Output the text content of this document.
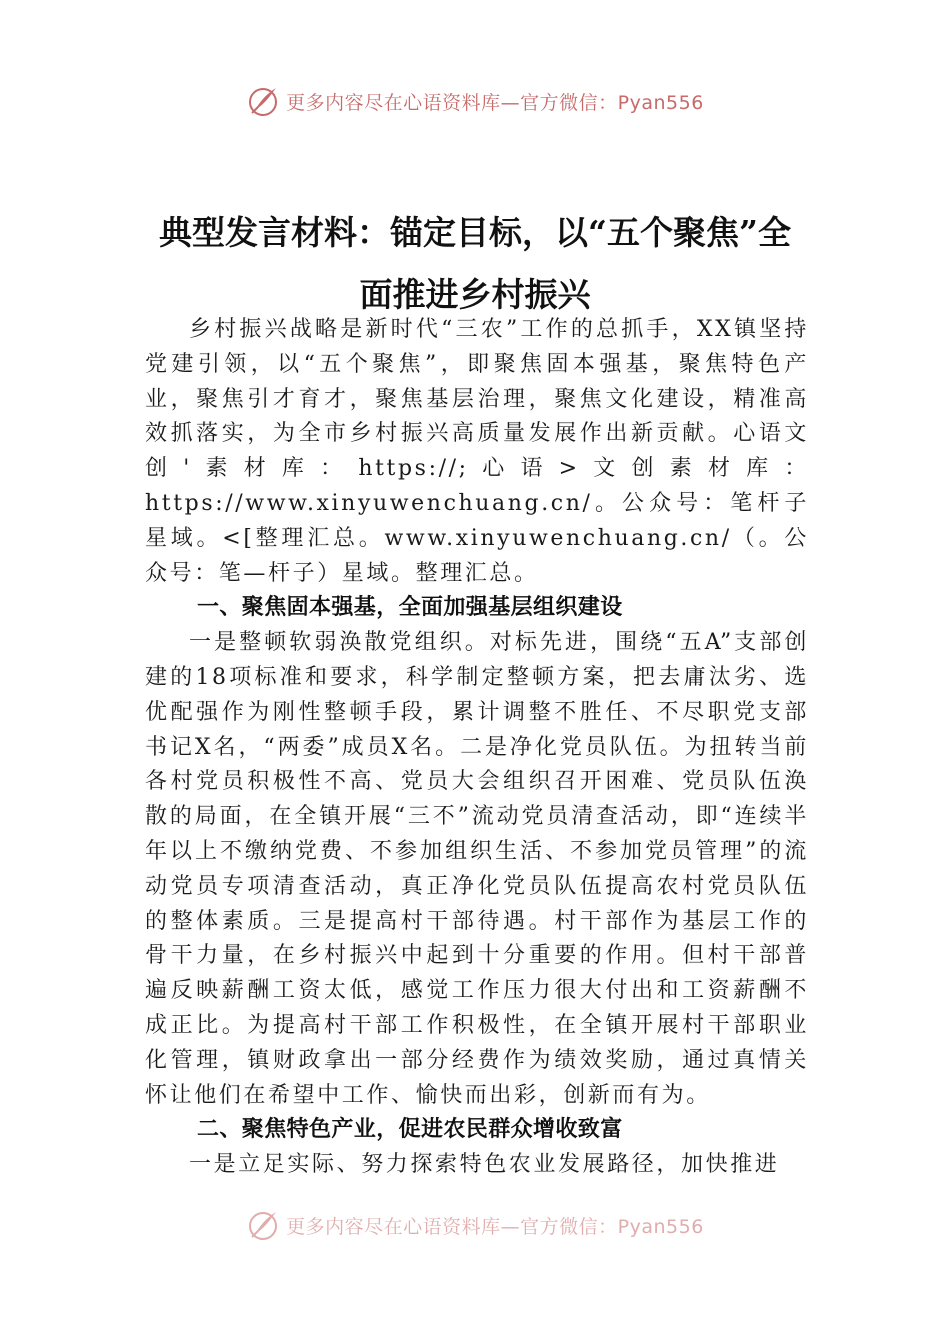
更多内容尽在心语资料库—官方微信：Pyan556
典型发言材料：锚定目标，以“五个聚焦”全面推进乡村振兴

乡村振兴战略是新时代“三农”工作的总抓手，XX镇坚持党建引领，以“五个聚焦”，即聚焦固本强基，聚焦特色产业，聚焦引才育才，聚焦基层治理，聚焦文化建设，精准高效抓落实，为全市乡村振兴高质量发展作出新贡献。心语文创'素材库：https://;心语>文创素材库：https://www.xinyuwenchuang.cn/。公众号：笔杆子星域。<[整理汇总。www.xinyuwenchuang.cn/（。公众号：笔—杆子）星域。整理汇总。

一、聚焦固本强基，全面加强基层组织建设

一是整顿软弱涣散党组织。对标先进，围绕“五A”支部创建的18项标准和要求，科学制定整顿方案，把去庸汰劣、选优配强作为刚性整顿手段，累计调整不胜任、不尽职党支部书记X名，“两委”成员X名。二是净化党员队伍。为扭转当前各村党员积极性不高、党员大会组织召开困难、党员队伍涣散的局面，在全镇开展“三不”流动党员清查活动，即“连续半年以上不缴纳党费、不参加组织生活、不参加党员管理”的流动党员专项清查活动，真正净化党员队伍提高农村党员队伍的整体素质。三是提高村干部待遇。村干部作为基层工作的骨干力量，在乡村振兴中起到十分重要的作用。但村干部普遍反映薪酬工资太低，感觉工作压力很大付出和工资薪酬不成正比。为提高村干部工作积极性，在全镇开展村干部职业化管理，镇财政拿出一部分经费作为绩效奖励，通过真情关怀让他们在希望中工作、愉快而出彩，创新而有为。

二、聚焦特色产业，促进农民群众增收致富

一是立足实际、努力探索特色农业发展路径，加快推进

更多内容尽在心语资料库—官方微信：Pyan556
